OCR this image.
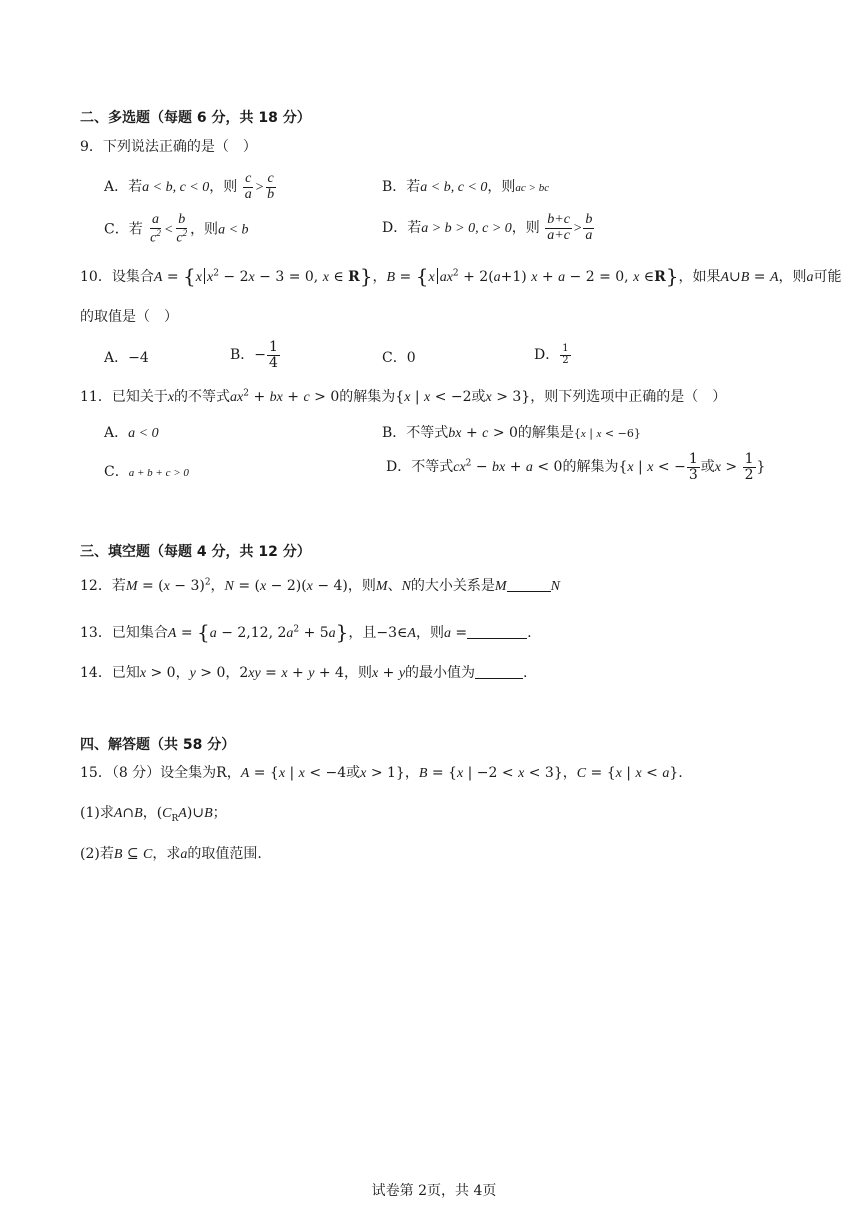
二、多选题（每题 6 分，共 18 分）
9．下列说法正确的是（　）
A．若a < b, c < 0，则 $\frac{c}{a} > \frac{c}{b}$	B．若a < b, c < 0，则ac > bc
C．若 $\frac{a}{c^2} < \frac{b}{c^2}$ ，则a < b	D．若a > b > 0, c > 0，则 $\frac{b+c}{a+c} > \frac{b}{a}$
10．设集合A = {x $x^2 - 2x - 3 = 0$, x ∈ R}，B = {x $ax^2 + 2(a+1) x + a - 2 = 0$, x ∈R}，如果A∪B = A，则a可能
的取值是（　）
A．−4	B．− $\frac{1}{4}$	C．0	D． $\frac{1}{2}$
11．已知关于x的不等式$ax^2$ + bx + c > 0的解集为{x | x < −2或x > 3}，则下列选项中正确的是（　）
A．a < 0	B．不等式bx + c > 0的解集是{x | x < −6}
C．a + b + c > 0	D．不等式$cx^2$ − bx + a < 0的解集为{x | x < − $\frac{1}{3}$ 或$x > \frac{1}{2}$ }
三、填空题（每题 4 分，共 12 分）
12．若$M = (x - 3)^2$，N = (x − 2)(x − 4)，则M、N的大小关系是M	N
13．已知集合A = {a − 2,12, $2a^2 + 5a$}，且−3∈A，则a =	.
14．已知x > 0，y > 0，2xy = x + y + 4，则x + y的最小值为	.
四、解答题（共 58 分）
15．（8 分）设全集为R，A = {x | x < −4或x > 1}，B = {x | −2 < x < 3}，C = {x | x < a}.
(1)求A∩B，$(C_RA)\cup B$；
(2)若B ⊆ C，求a的取值范围.
试卷第 2页，共 4页
